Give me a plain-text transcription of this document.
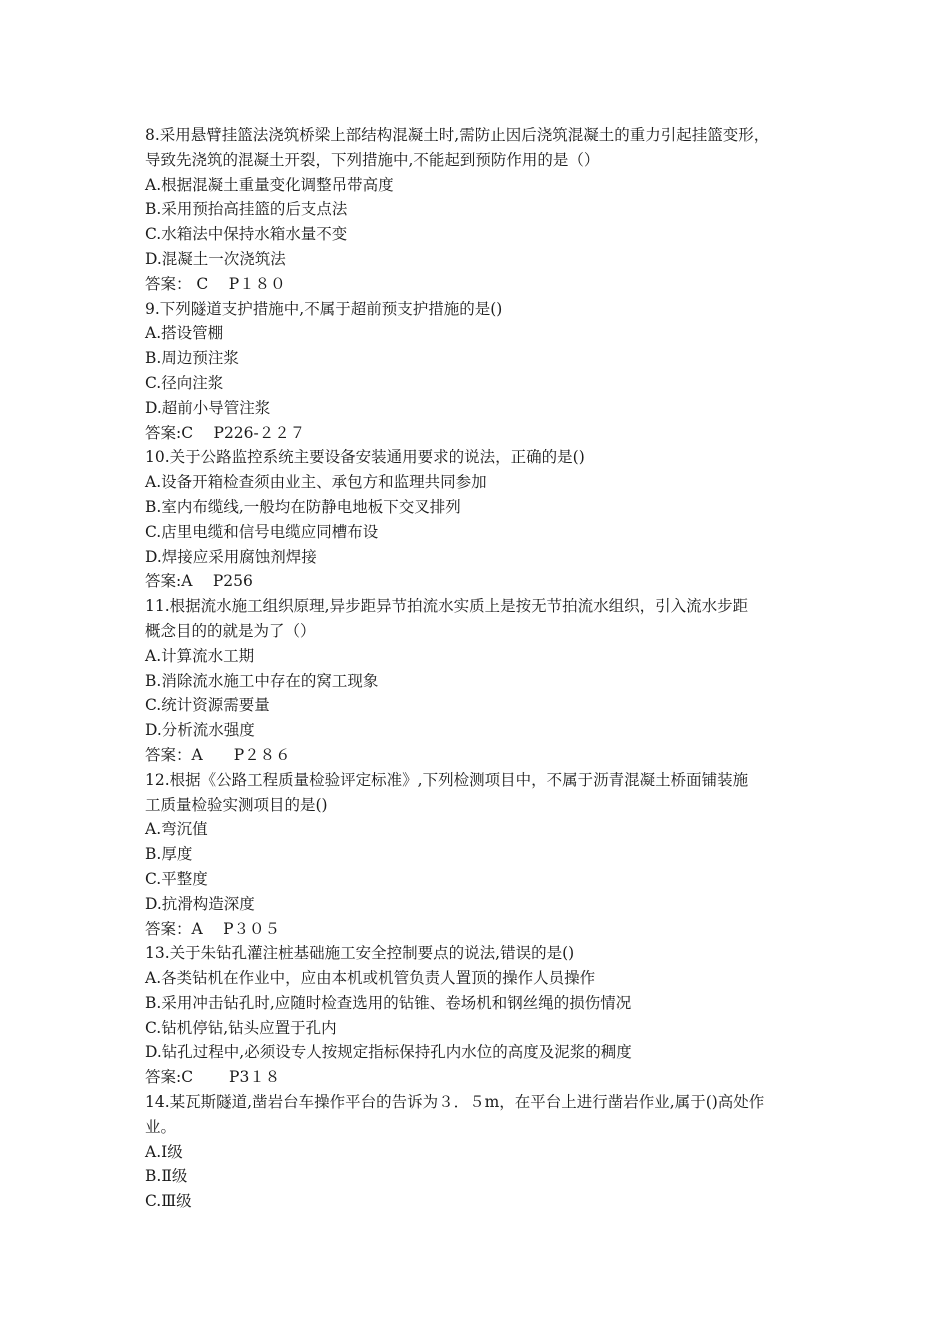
8.采用悬臂挂篮法浇筑桥梁上部结构混凝土时,需防止因后浇筑混凝土的重力引起挂篮变形，
导致先浇筑的混凝土开裂，下列措施中,不能起到预防作用的是（）
A.根据混凝土重量变化调整吊带高度
B.采用预抬高挂篮的后支点法
C.水箱法中保持水箱水量不变
D.混凝土一次浇筑法
答案： C　 P１８０
9.下列隧道支护措施中,不属于超前预支护措施的是()
A.搭设管棚
B.周边预注浆
C.径向注浆
D.超前小导管注浆
答案:C　 P226-２２７
10.关于公路监控系统主要设备安装通用要求的说法，正确的是()
A.设备开箱检查须由业主、承包方和监理共同参加
B.室内布缆线,一般均在防静电地板下交叉排列
C.店里电缆和信号电缆应同槽布设
D.焊接应采用腐蚀剂焊接
答案:A　 P256
11.根据流水施工组织原理,异步距异节拍流水实质上是按无节拍流水组织，引入流水步距
概念目的的就是为了（）
A.计算流水工期
B.消除流水施工中存在的窝工现象
C.统计资源需要量
D.分析流水强度
答案：A　　P２８６
12.根据《公路工程质量检验评定标准》,下列检测项目中，不属于沥青混凝土桥面铺装施
工质量检验实测项目的是()
A.弯沉值
B.厚度
C.平整度
D.抗滑构造深度
答案：A　 P３０５
13.关于朱钻孔灌注桩基础施工安全控制要点的说法,错误的是()
A.各类钻机在作业中，应由本机或机管负责人置顶的操作人员操作
B.采用冲击钻孔时,应随时检查选用的钻锥、卷场机和钢丝绳的损伤情况
C.钻机停钻,钻头应置于孔内
D.钻孔过程中,必须设专人按规定指标保持孔内水位的高度及泥浆的稠度
答案:C　　 P3１８
14.某瓦斯隧道,凿岩台车操作平台的告诉为３．５m，在平台上进行凿岩作业,属于()高处作
业。
A.Ⅰ级
B.Ⅱ级
C.Ⅲ级
